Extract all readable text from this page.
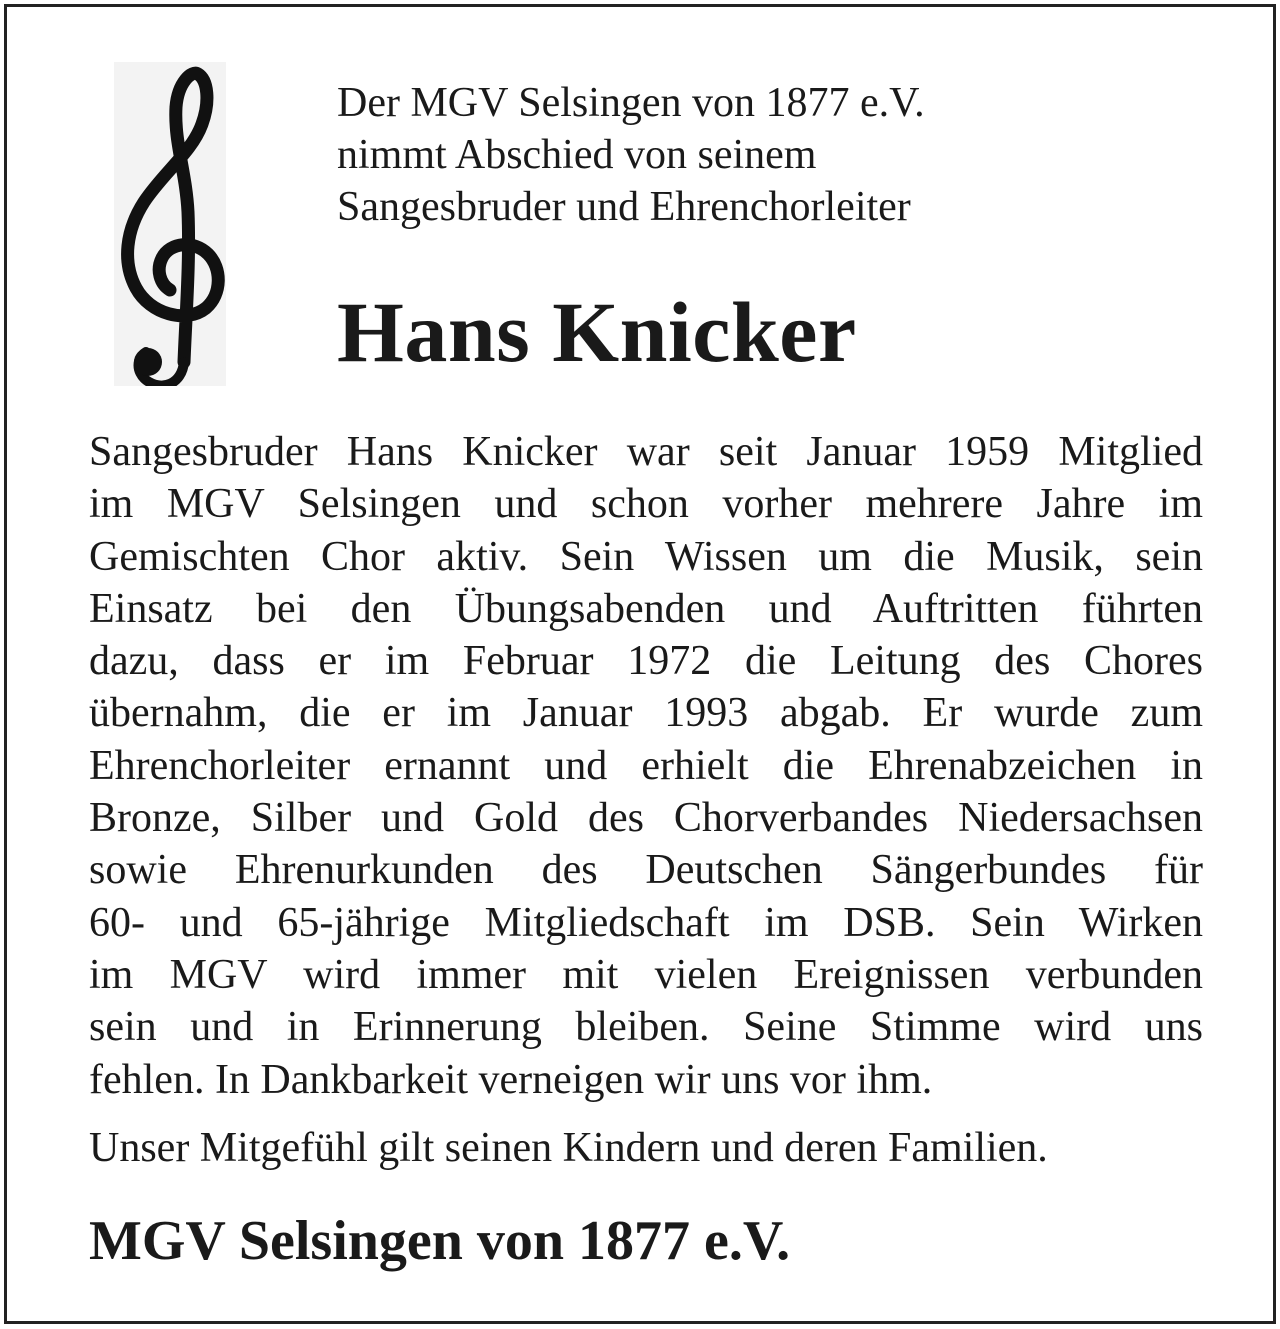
Der MGV Selsingen von 1877 e.V.
nimmt Abschied von seinem
Sangesbruder und Ehrenchorleiter
Hans Knicker
Sangesbruder Hans Knicker war seit Januar 1959 Mitglied
im MGV Selsingen und schon vorher mehrere Jahre im
Gemischten Chor aktiv. Sein Wissen um die Musik, sein
Einsatz bei den Übungsabenden und Auftritten führten
dazu, dass er im Februar 1972 die Leitung des Chores
übernahm, die er im Januar 1993 abgab. Er wurde zum
Ehrenchorleiter ernannt und erhielt die Ehrenabzeichen in
Bronze, Silber und Gold des Chorverbandes Niedersachsen
sowie Ehrenurkunden des Deutschen Sängerbundes für
60- und 65-jährige Mitgliedschaft im DSB. Sein Wirken
im MGV wird immer mit vielen Ereignissen verbunden
sein und in Erinnerung bleiben. Seine Stimme wird uns
fehlen. In Dankbarkeit verneigen wir uns vor ihm.
Unser Mitgefühl gilt seinen Kindern und deren Familien.
MGV Selsingen von 1877 e.V.
